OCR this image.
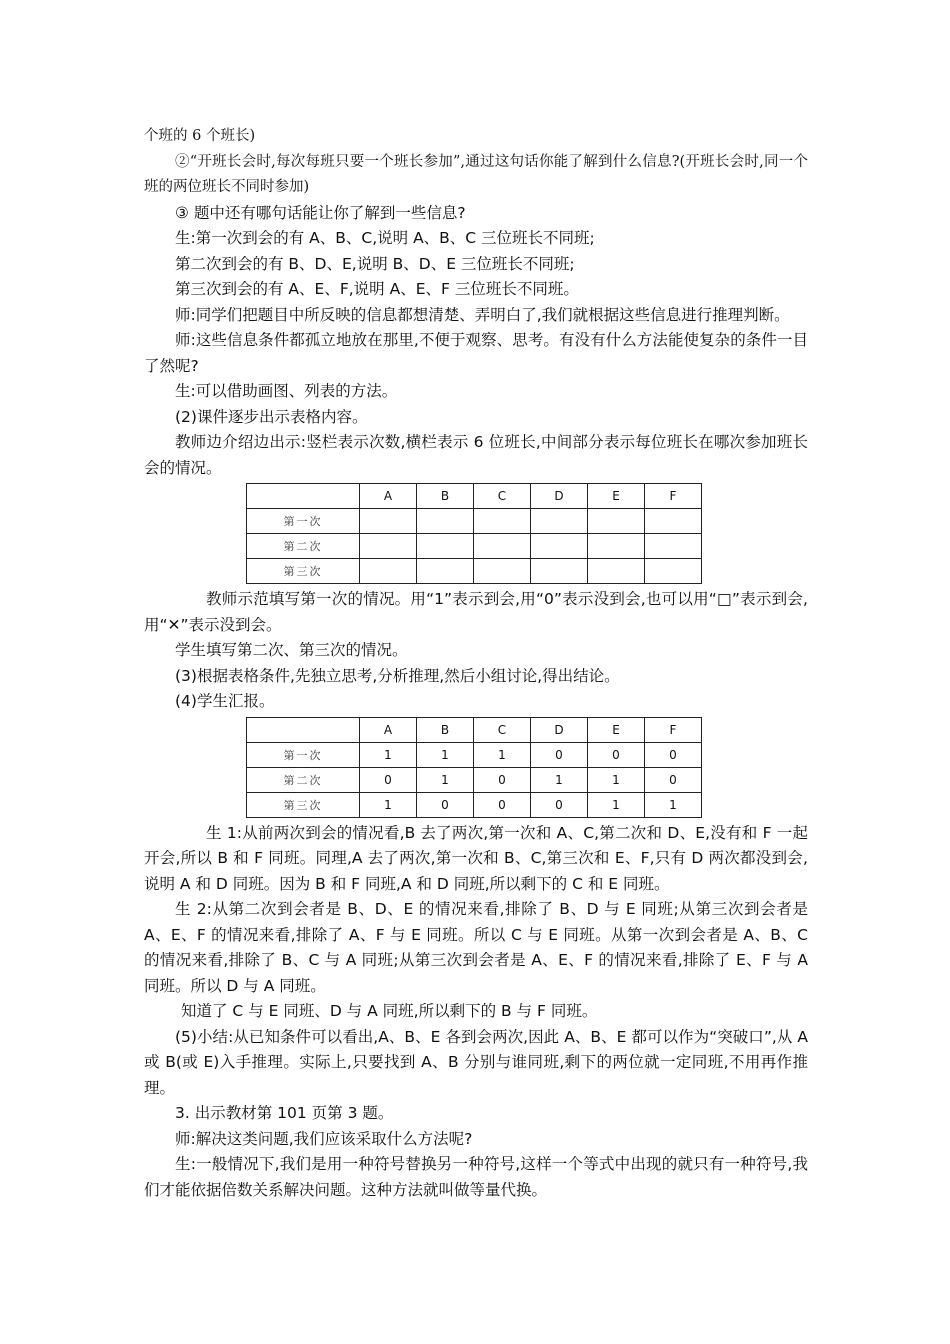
个班的 6 个班长)

②“开班长会时,每次每班只要一个班长参加”,通过这句话你能了解到什么信息?(开班长会时,同一个班的两位班长不同时参加)

③ 题中还有哪句话能让你了解到一些信息?

生:第一次到会的有 A、B、C,说明 A、B、C 三位班长不同班;

第二次到会的有 B、D、E,说明 B、D、E 三位班长不同班;

第三次到会的有 A、E、F,说明 A、E、F 三位班长不同班。

师:同学们把题目中所反映的信息都想清楚、弄明白了,我们就根据这些信息进行推理判断。

师:这些信息条件都孤立地放在那里,不便于观察、思考。有没有什么方法能使复杂的条件一目了然呢?

生:可以借助画图、列表的方法。

(2)课件逐步出示表格内容。

教师边介绍边出示:竖栏表示次数,横栏表示 6 位班长,中间部分表示每位班长在哪次参加班长会的情况。

	A	B	C	D	E	F
第一次						
第二次						
第三次						

教师示范填写第一次的情况。用“1”表示到会,用“0”表示没到会,也可以用“□”表示到会,用“✕”表示没到会。

学生填写第二次、第三次的情况。

(3)根据表格条件,先独立思考,分析推理,然后小组讨论,得出结论。

(4)学生汇报。

	A	B	C	D	E	F
第一次	1	1	1	0	0	0
第二次	0	1	0	1	1	0
第三次	1	0	0	0	1	1

生 1:从前两次到会的情况看,B 去了两次,第一次和 A、C,第二次和 D、E,没有和 F 一起开会,所以 B 和 F 同班。同理,A 去了两次,第一次和 B、C,第三次和 E、F,只有 D 两次都没到会,说明 A 和 D 同班。因为 B 和 F 同班,A 和 D 同班,所以剩下的 C 和 E 同班。

生 2:从第二次到会者是 B、D、E 的情况来看,排除了 B、D 与 E 同班;从第三次到会者是 A、E、F 的情况来看,排除了 A、F 与 E 同班。所以 C 与 E 同班。从第一次到会者是 A、B、C 的情况来看,排除了 B、C 与 A 同班;从第三次到会者是 A、E、F 的情况来看,排除了 E、F 与 A 同班。所以 D 与 A 同班。

知道了 C 与 E 同班、D 与 A 同班,所以剩下的 B 与 F 同班。

(5)小结:从已知条件可以看出,A、B、E 各到会两次,因此 A、B、E 都可以作为“突破口”,从 A 或 B(或 E)入手推理。实际上,只要找到 A、B 分别与谁同班,剩下的两位就一定同班,不用再作推理。

3. 出示教材第 101 页第 3 题。

师:解决这类问题,我们应该采取什么方法呢?

生:一般情况下,我们是用一种符号替换另一种符号,这样一个等式中出现的就只有一种符号,我们才能依据倍数关系解决问题。这种方法就叫做等量代换。
